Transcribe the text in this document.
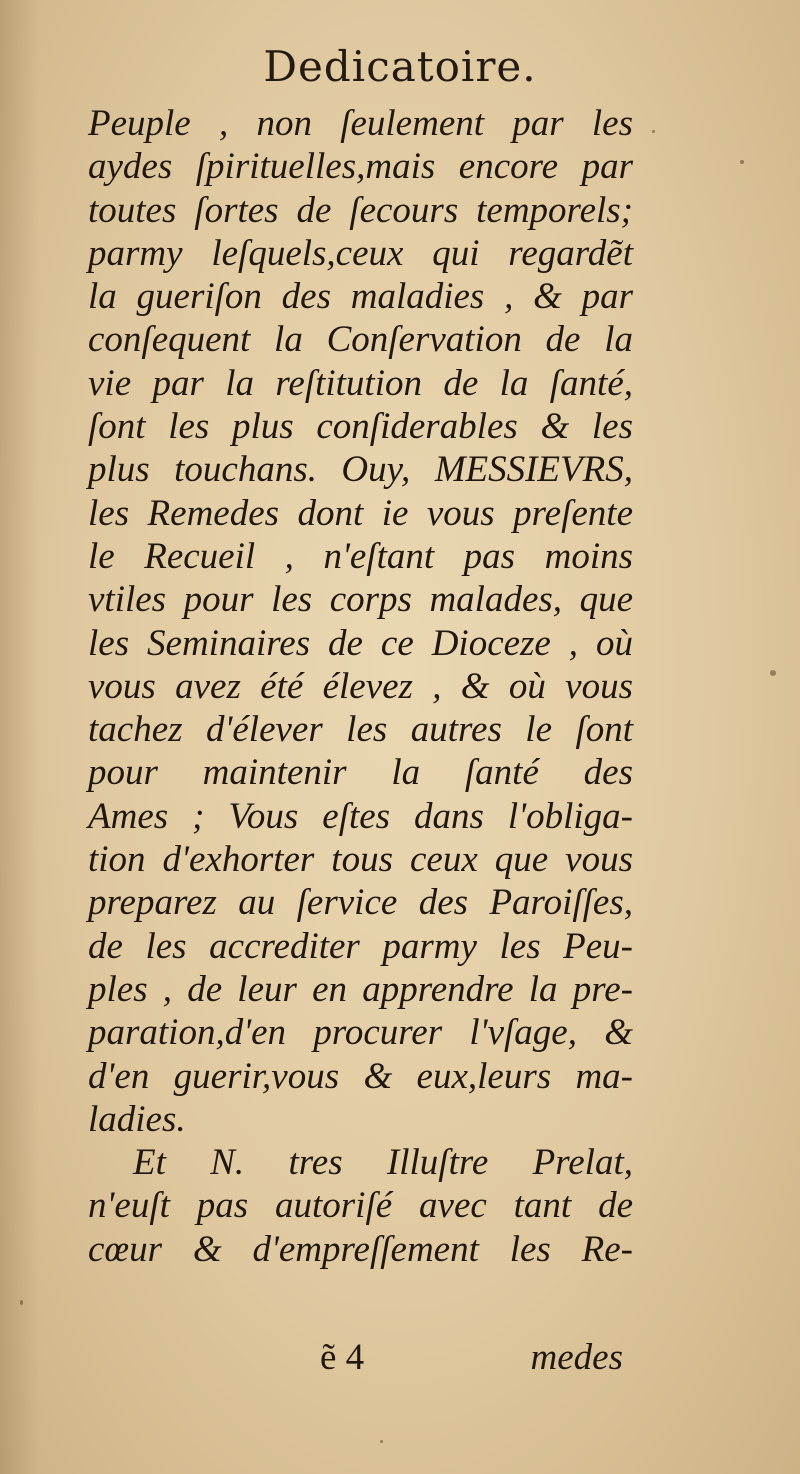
Dedicatoire.
Peuple , non ſeulement par les
aydes ſpirituelles,mais encore par
toutes ſortes de ſecours temporels;
parmy leſquels,ceux qui regardẽt
la gueriſon des maladies , & par
conſequent la Conſervation de la
vie par la reſtitution de la ſanté,
ſont les plus conſiderables & les
plus touchans. Ouy, MESSIEVRS,
les Remedes dont ie vous preſente
le Recueil , n'eſtant pas moins
vtiles pour les corps malades, que
les Seminaires de ce Dioceze , où
vous avez été élevez , & où vous
tachez d'élever les autres le ſont
pour maintenir la ſanté des
Ames ; Vous eſtes dans l'obliga-
tion d'exhorter tous ceux que vous
preparez au ſervice des Paroiſſes,
de les accrediter parmy les Peu-
ples , de leur en apprendre la pre-
paration,d'en procurer l'vſage, &
d'en guerir,vous & eux,leurs ma-
ladies.
Et N. tres Illuſtre Prelat,
n'euſt pas autoriſé avec tant de
cœur & d'empreſſement les Re-
ẽ 4	medes
